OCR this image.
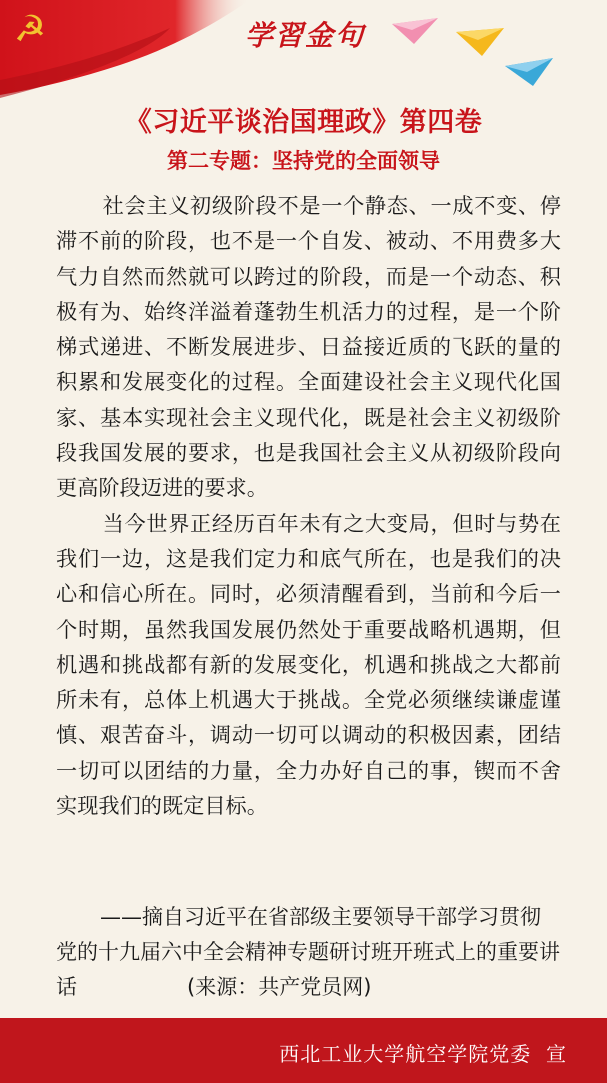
☭	学習金句
《习近平谈治国理政》第四卷
第二专题：坚持党的全面领导

社会主义初级阶段不是一个静态、一成不变、停滞不前的阶段，也不是一个自发、被动、不用费多大气力自然而然就可以跨过的阶段，而是一个动态、积极有为、始终洋溢着蓬勃生机活力的过程，是一个阶梯式递进、不断发展进步、日益接近质的飞跃的量的积累和发展变化的过程。全面建设社会主义现代化国家、基本实现社会主义现代化，既是社会主义初级阶段我国发展的要求，也是我国社会主义从初级阶段向更高阶段迈进的要求。

当今世界正经历百年未有之大变局，但时与势在我们一边，这是我们定力和底气所在，也是我们的决心和信心所在。同时，必须清醒看到，当前和今后一个时期，虽然我国发展仍然处于重要战略机遇期，但机遇和挑战都有新的发展变化，机遇和挑战之大都前所未有，总体上机遇大于挑战。全党必须继续谦虚谨慎、艰苦奋斗，调动一切可以调动的积极因素，团结一切可以团结的力量，全力办好自己的事，锲而不舍实现我们的既定目标。

——摘自习近平在省部级主要领导干部学习贯彻党的十九届六中全会精神专题研讨班开班式上的重要讲话	(来源：共产党员网)
西北工业大学航空学院党委  宣
